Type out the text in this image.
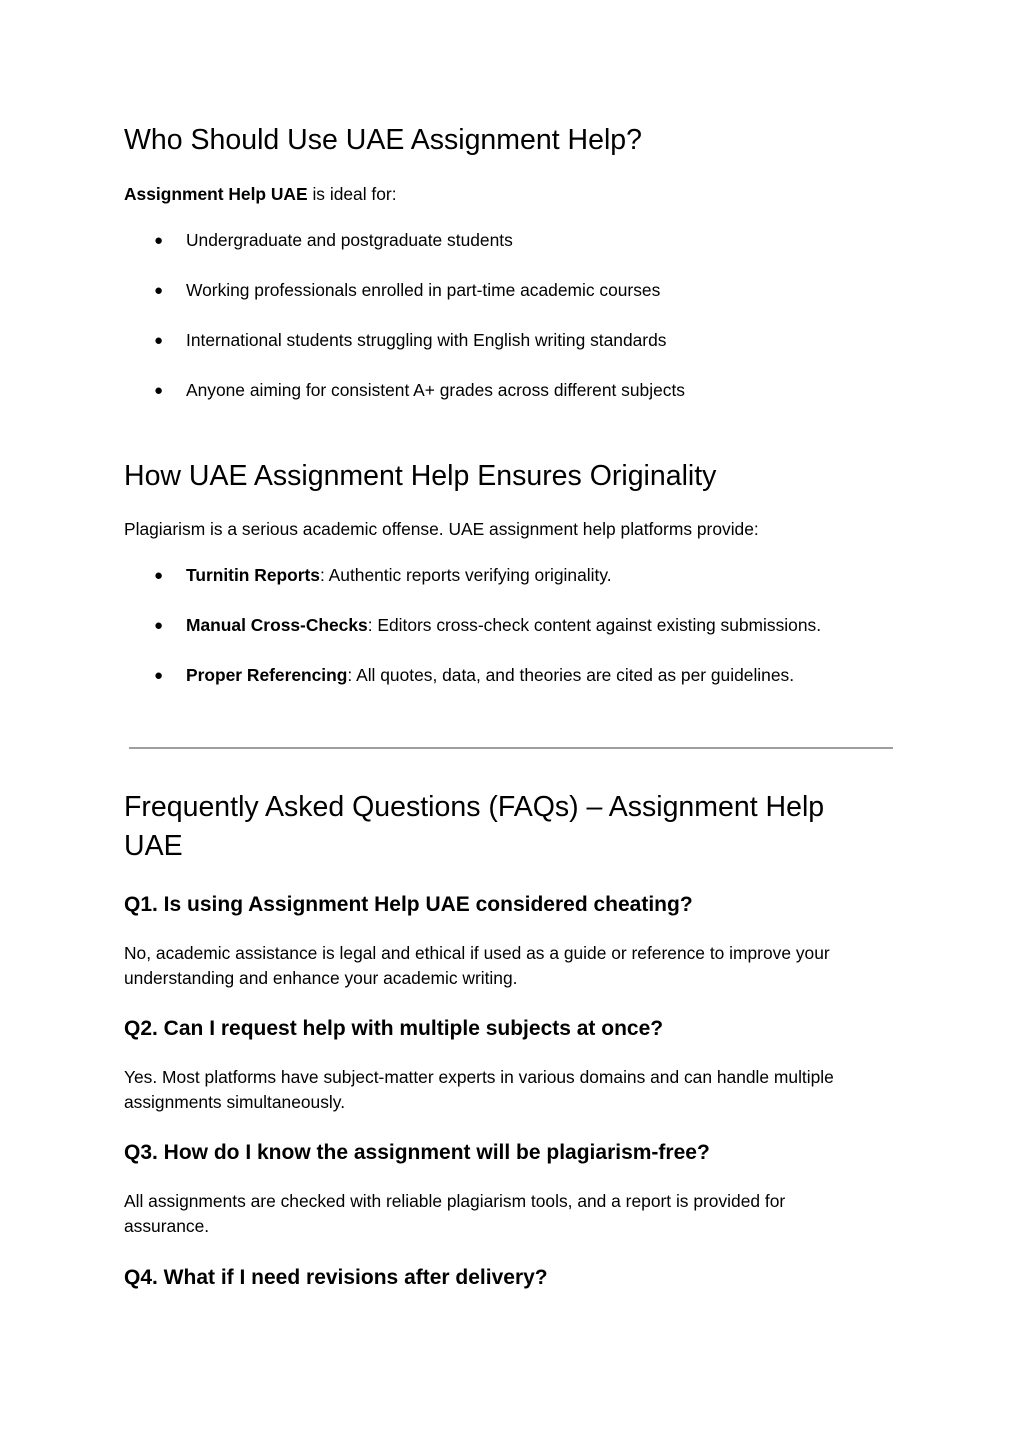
Who Should Use UAE Assignment Help?

Assignment Help UAE is ideal for:

● Undergraduate and postgraduate students
● Working professionals enrolled in part-time academic courses
● International students struggling with English writing standards
● Anyone aiming for consistent A+ grades across different subjects
How UAE Assignment Help Ensures Originality

Plagiarism is a serious academic offense. UAE assignment help platforms provide:

● Turnitin Reports: Authentic reports verifying originality.
● Manual Cross-Checks: Editors cross-check content against existing submissions.
● Proper Referencing: All quotes, data, and theories are cited as per guidelines.
Frequently Asked Questions (FAQs) – Assignment Help
UAE
Q1. Is using Assignment Help UAE considered cheating?

No, academic assistance is legal and ethical if used as a guide or reference to improve your

understanding and enhance your academic writing.

Q2. Can I request help with multiple subjects at once?

Yes. Most platforms have subject-matter experts in various domains and can handle multiple

assignments simultaneously.

Q3. How do I know the assignment will be plagiarism-free?

All assignments are checked with reliable plagiarism tools, and a report is provided for

assurance.

Q4. What if I need revisions after delivery?
